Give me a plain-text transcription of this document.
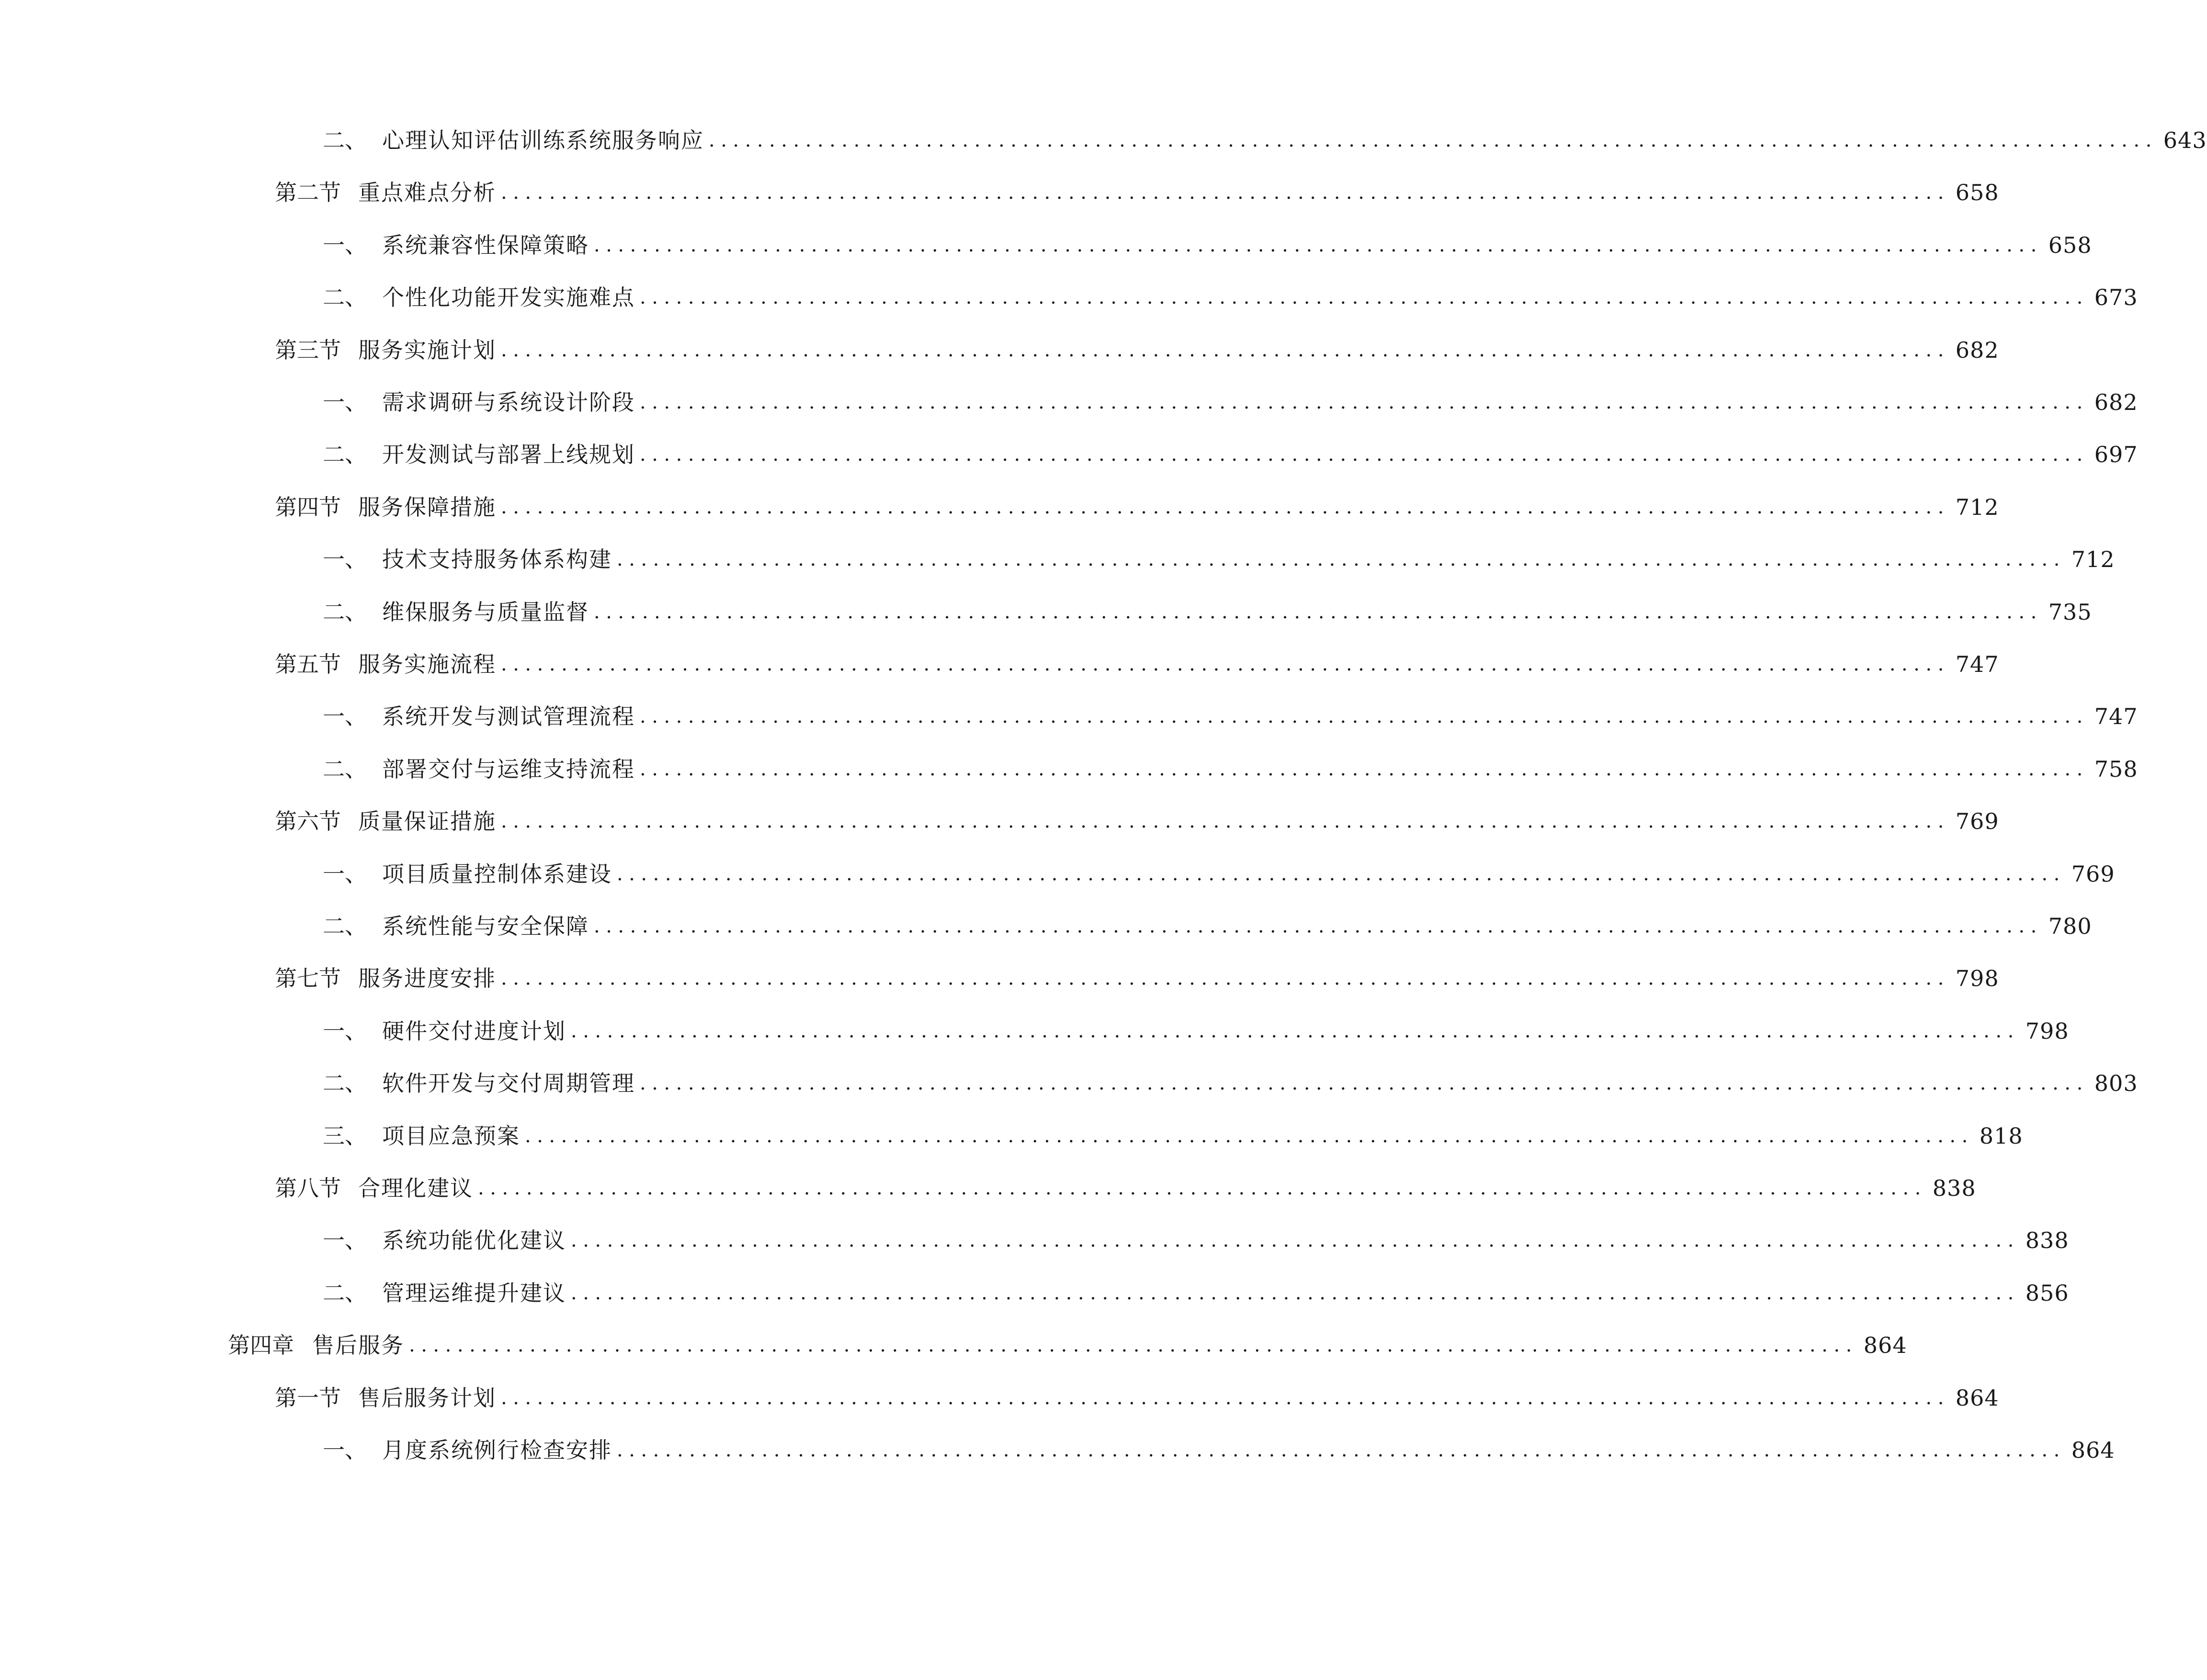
二、 心理认知评估训练系统服务响应 ........................................................................................................................ 643
第二节 重点难点分析 ........................................................................................................................ 658
一、 系统兼容性保障策略 ........................................................................................................................ 658
二、 个性化功能开发实施难点 ........................................................................................................................ 673
第三节 服务实施计划 ........................................................................................................................ 682
一、 需求调研与系统设计阶段 ........................................................................................................................ 682
二、 开发测试与部署上线规划 ........................................................................................................................ 697
第四节 服务保障措施 ........................................................................................................................ 712
一、 技术支持服务体系构建 ........................................................................................................................ 712
二、 维保服务与质量监督 ........................................................................................................................ 735
第五节 服务实施流程 ........................................................................................................................ 747
一、 系统开发与测试管理流程 ........................................................................................................................ 747
二、 部署交付与运维支持流程 ........................................................................................................................ 758
第六节 质量保证措施 ........................................................................................................................ 769
一、 项目质量控制体系建设 ........................................................................................................................ 769
二、 系统性能与安全保障 ........................................................................................................................ 780
第七节 服务进度安排 ........................................................................................................................ 798
一、 硬件交付进度计划 ........................................................................................................................ 798
二、 软件开发与交付周期管理 ........................................................................................................................ 803
三、 项目应急预案 ........................................................................................................................ 818
第八节 合理化建议 ........................................................................................................................ 838
一、 系统功能优化建议 ........................................................................................................................ 838
二、 管理运维提升建议 ........................................................................................................................ 856
第四章 售后服务 ........................................................................................................................ 864
第一节 售后服务计划 ........................................................................................................................ 864
一、 月度系统例行检查安排 ........................................................................................................................ 864
